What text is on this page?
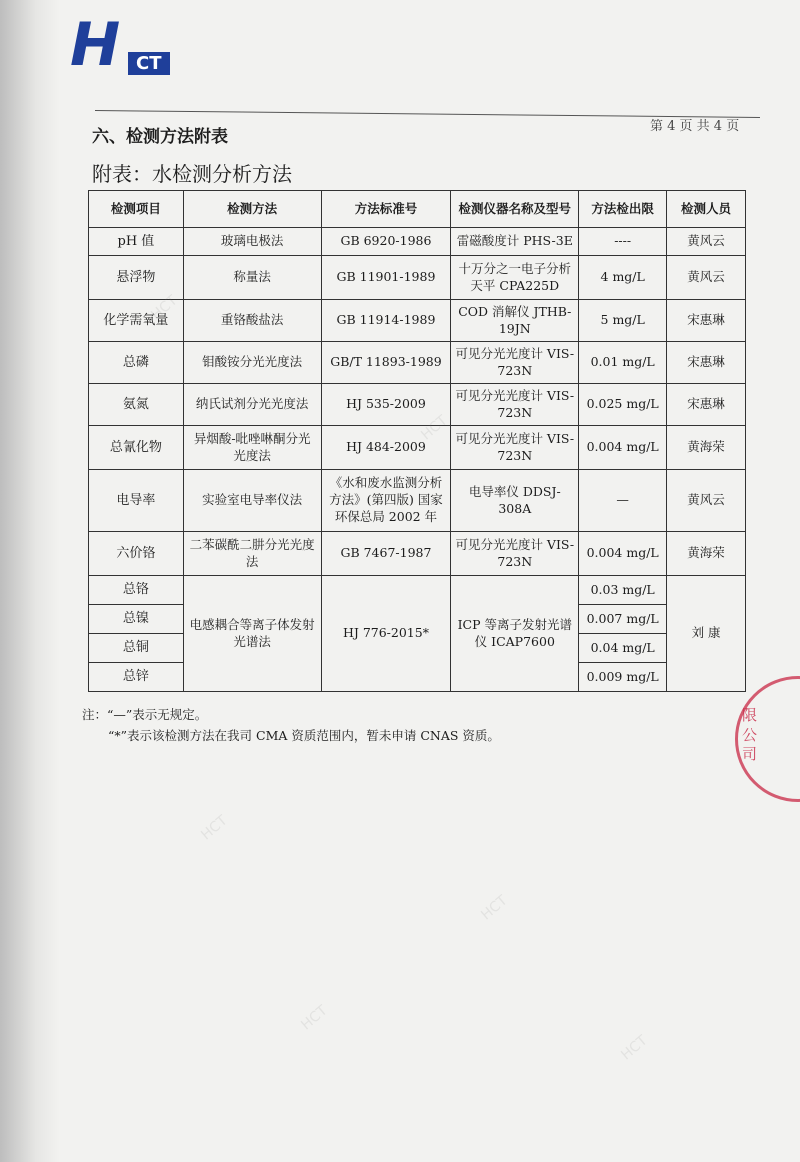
H CT
第 4 页 共 4 页
六、检测方法附表
附表：水检测分析方法
检测项目	检测方法	方法标准号	检测仪器名称及型号	方法检出限	检测人员
pH 值	玻璃电极法	GB 6920-1986	雷磁酸度计 PHS-3E	----	黄风云
悬浮物	称量法	GB 11901-1989	十万分之一电子分析天平 CPA225D	4 mg/L	黄风云
化学需氧量	重铬酸盐法	GB 11914-1989	COD 消解仪 JTHB-19JN	5 mg/L	宋惠琳
总磷	钼酸铵分光光度法	GB/T 11893-1989	可见分光光度计 VIS-723N	0.01 mg/L	宋惠琳
氨氮	纳氏试剂分光光度法	HJ 535-2009	可见分光光度计 VIS-723N	0.025 mg/L	宋惠琳
总氰化物	异烟酸-吡唑啉酮分光光度法	HJ 484-2009	可见分光光度计 VIS-723N	0.004 mg/L	黄海荣
电导率	实验室电导率仪法	《水和废水监测分析方法》(第四版) 国家环保总局 2002 年	电导率仪 DDSJ-308A	—	黄风云
六价铬	二苯碳酰二肼分光光度法	GB 7467-1987	可见分光光度计 VIS-723N	0.004 mg/L	黄海荣
总铬	电感耦合等离子体发射光谱法	HJ 776-2015*	ICP 等离子发射光谱仪 ICAP7600	0.03 mg/L	刘 康
总镍				0.007 mg/L	
总铜				0.04 mg/L	
总锌				0.009 mg/L	
注：“—”表示无规定。
“*”表示该检测方法在我司 CMA 资质范围内，暂未申请 CNAS 资质。
限公司
HCT
HCT
HCT
HCT
HCT
HCT
